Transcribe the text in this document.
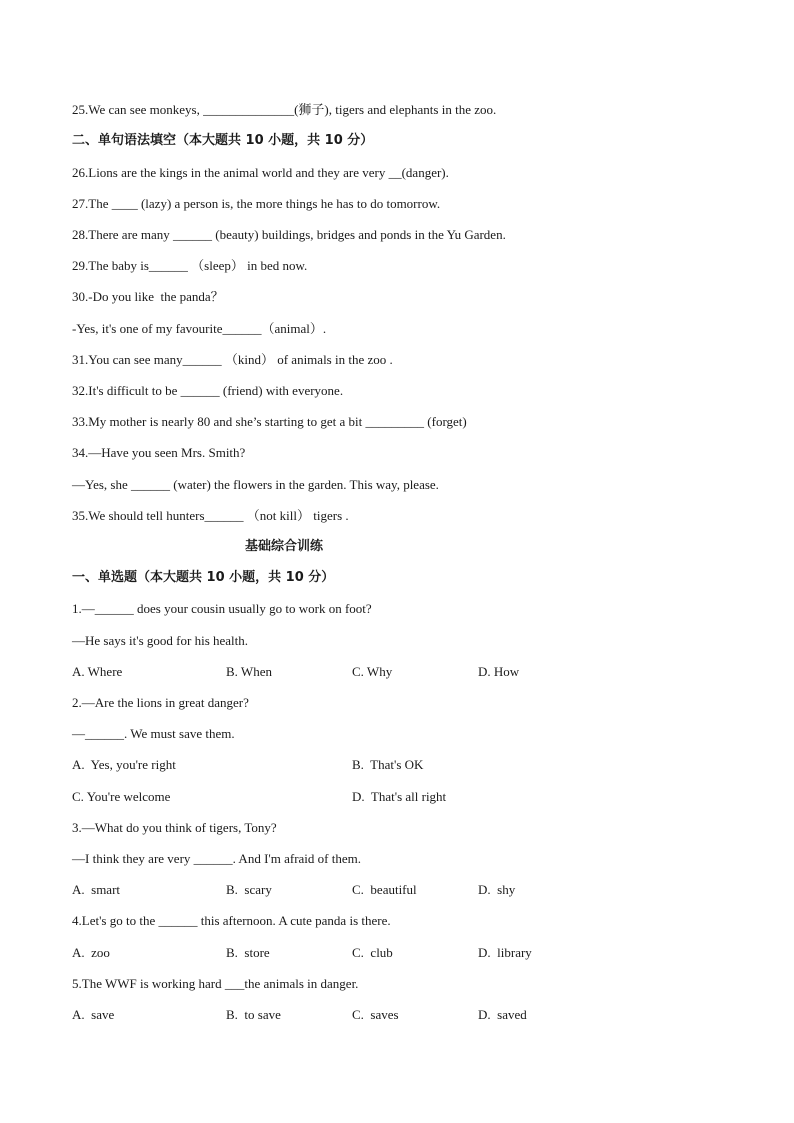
25.We can see monkeys, ______________(狮子), tigers and elephants in the zoo.
二、单句语法填空（本大题共 10 小题，共 10 分）
26.Lions are the kings in the animal world and they are very __(danger).
27.The ____ (lazy) a person is, the more things he has to do tomorrow.
28.There are many ______ (beauty) buildings, bridges and ponds in the Yu Garden.
29.The baby is______ （sleep） in bed now.
30.-Do you like  the panda？
-Yes, it's one of my favourite______（animal）.
31.You can see many______ （kind） of animals in the zoo .
32.It's difficult to be ______ (friend) with everyone.
33.My mother is nearly 80 and she’s starting to get a bit _________ (forget)
34.—Have you seen Mrs. Smith?
—Yes, she ______ (water) the flowers in the garden. This way, please.
35.We should tell hunters______ （not kill） tigers .
基础综合训练
一、单选题（本大题共 10 小题，共 10 分）
1.—______ does your cousin usually go to work on foot?
—He says it's good for his health.
A. Where	B. When	C. Why	D. How
2.—Are the lions in great danger?
—______. We must save them.
A.  Yes, you're right	B.  That's OK
C. You're welcome	D.  That's all right
3.—What do you think of tigers, Tony?
—I think they are very ______. And I'm afraid of them.
A.  smart	B.  scary	C.  beautiful	D.  shy
4.Let's go to the ______ this afternoon. A cute panda is there.
A.  zoo	B.  store	C.  club	D.  library
5.The WWF is working hard ___the animals in danger.
A.  save	B.  to save	C.  saves	D.  saved
